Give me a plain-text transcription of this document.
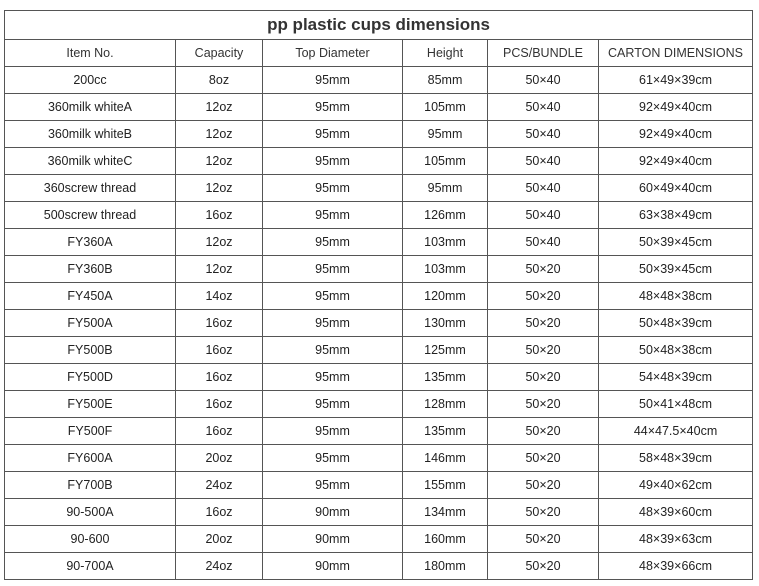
pp plastic cups dimensions					
Item No.	Capacity	Top Diameter	Height	PCS/BUNDLE	CARTON DIMENSIONS
200cc	8oz	95mm	85mm	50×40	61×49×39cm
360milk whiteA	12oz	95mm	105mm	50×40	92×49×40cm
360milk whiteB	12oz	95mm	95mm	50×40	92×49×40cm
360milk whiteC	12oz	95mm	105mm	50×40	92×49×40cm
360screw thread	12oz	95mm	95mm	50×40	60×49×40cm
500screw thread	16oz	95mm	126mm	50×40	63×38×49cm
FY360A	12oz	95mm	103mm	50×40	50×39×45cm
FY360B	12oz	95mm	103mm	50×20	50×39×45cm
FY450A	14oz	95mm	120mm	50×20	48×48×38cm
FY500A	16oz	95mm	130mm	50×20	50×48×39cm
FY500B	16oz	95mm	125mm	50×20	50×48×38cm
FY500D	16oz	95mm	135mm	50×20	54×48×39cm
FY500E	16oz	95mm	128mm	50×20	50×41×48cm
FY500F	16oz	95mm	135mm	50×20	44×47.5×40cm
FY600A	20oz	95mm	146mm	50×20	58×48×39cm
FY700B	24oz	95mm	155mm	50×20	49×40×62cm
90-500A	16oz	90mm	134mm	50×20	48×39×60cm
90-600	20oz	90mm	160mm	50×20	48×39×63cm
90-700A	24oz	90mm	180mm	50×20	48×39×66cm
